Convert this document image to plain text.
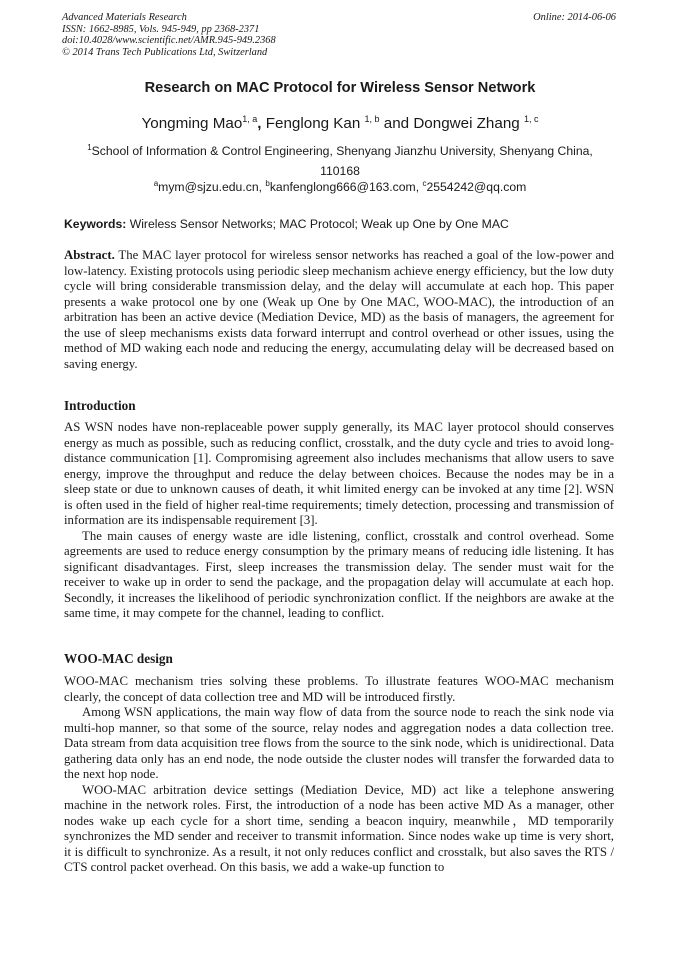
Advanced Materials Research
ISSN: 1662-8985, Vols. 945-949, pp 2368-2371
doi:10.4028/www.scientific.net/AMR.945-949.2368
© 2014 Trans Tech Publications Ltd, Switzerland
Online: 2014-06-06
Research on MAC Protocol for Wireless Sensor Network
Yongming Mao$^{1, a}$, Fenglong Kan $^{1, b}$ and Dongwei Zhang $^{1, c}$
$^1$School of Information & Control Engineering, Shenyang Jianzhu University, Shenyang China, 110168
$^a$mym@sjzu.edu.cn, $^b$kanfenglong666@163.com, $^c$2554242@qq.com
Keywords: Wireless Sensor Networks; MAC Protocol; Weak up One by One MAC

Abstract. The MAC layer protocol for wireless sensor networks has reached a goal of the low-power and low-latency. Existing protocols using periodic sleep mechanism achieve energy efficiency, but the low duty cycle will bring considerable transmission delay, and the delay will accumulate at each hop. This paper presents a wake protocol one by one (Weak up One by One MAC, WOO-MAC), the introduction of an arbitration has been an active device (Mediation Device, MD) as the basis of managers, the agreement for the use of sleep mechanisms exists data forward interrupt and control overhead or other issues, using the method of MD waking each node and reducing the energy, accumulating delay will be decreased based on saving energy.

Introduction

AS WSN nodes have non-replaceable power supply generally, its MAC layer protocol should conserves energy as much as possible, such as reducing conflict, crosstalk, and the duty cycle and tries to avoid long-distance communication [1]. Compromising agreement also includes mechanisms that allow users to save energy, improve the throughput and reduce the delay between choices. Because the nodes may be in a sleep state or due to unknown causes of death, it whit limited energy can be invoked at any time [2]. WSN is often used in the field of higher real-time requirements; timely detection, processing and transmission of information are its indispensable requirement [3].

The main causes of energy waste are idle listening, conflict, crosstalk and control overhead. Some agreements are used to reduce energy consumption by the primary means of reducing idle listening. It has significant disadvantages. First, sleep increases the transmission delay. The sender must wait for the receiver to wake up in order to send the package, and the propagation delay will accumulate at each hop. Secondly, it increases the likelihood of periodic synchronization conflict. If the neighbors are awake at the same time, it may compete for the channel, leading to conflict.

WOO-MAC design

WOO-MAC mechanism tries solving these problems. To illustrate features WOO-MAC mechanism clearly, the concept of data collection tree and MD will be introduced firstly.

Among WSN applications, the main way flow of data from the source node to reach the sink node via multi-hop manner, so that some of the source, relay nodes and aggregation nodes a data collection tree. Data stream from data acquisition tree flows from the source to the sink node, which is unidirectional. Data gathering data only has an end node, the node outside the cluster nodes will transfer the forwarded data to the next hop node.

WOO-MAC arbitration device settings (Mediation Device, MD) act like a telephone answering machine in the network roles. First, the introduction of a node has been active MD As a manager, other nodes wake up each cycle for a short time, sending a beacon inquiry, meanwhile，MD temporarily synchronizes the MD sender and receiver to transmit information. Since nodes wake up time is very short, it is difficult to synchronize. As a result, it not only reduces conflict and crosstalk, but also saves the RTS / CTS control packet overhead. On this basis, we add a wake-up function to
